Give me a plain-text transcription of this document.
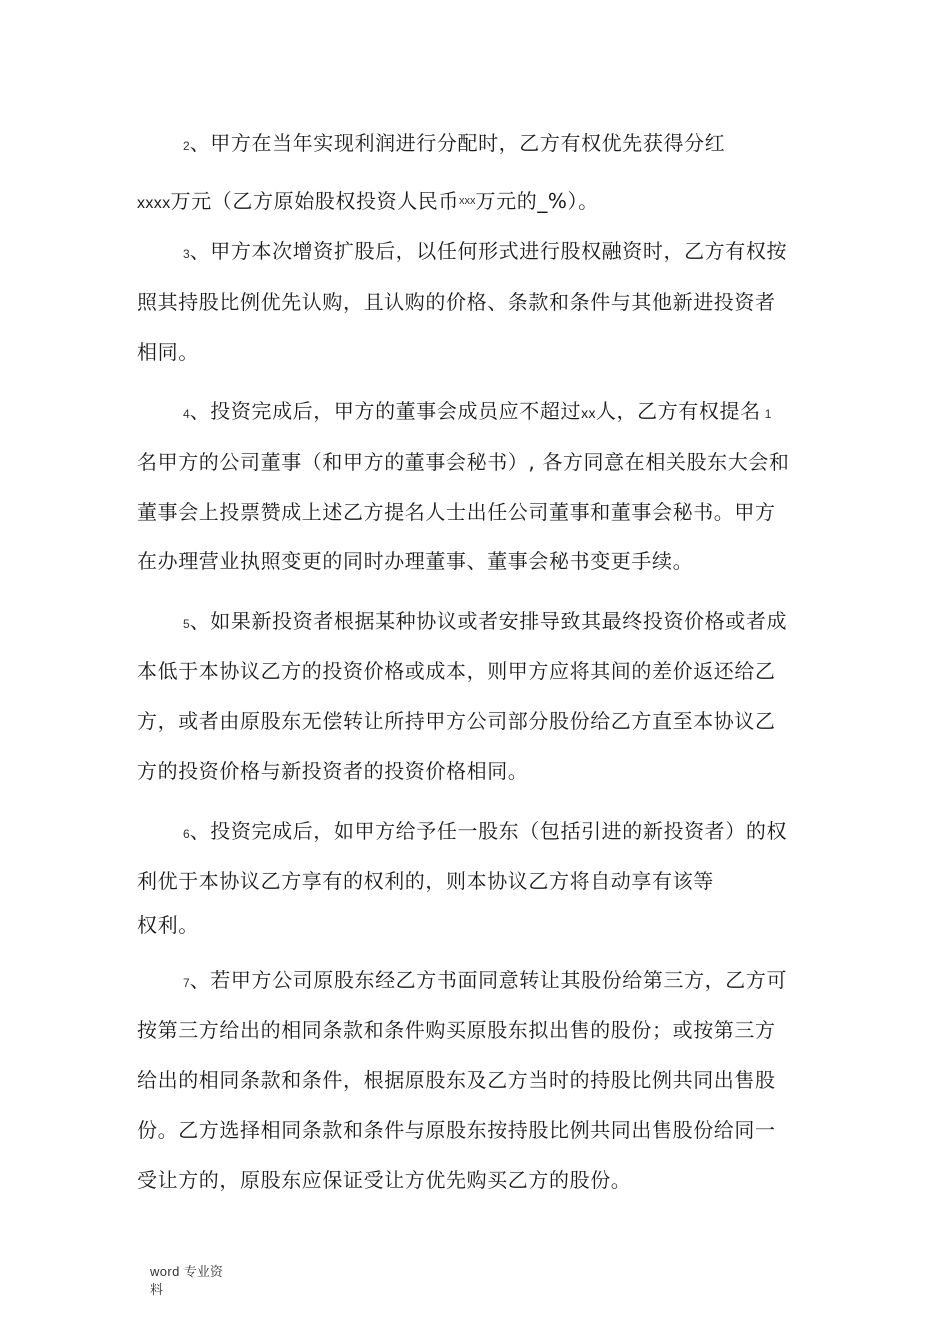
2、甲方在当年实现利润进行分配时，乙方有权优先获得分红
xxxx万元（乙方原始股权投资人民币$^{xxx}$万元的_%）。
3、甲方本次增资扩股后，以任何形式进行股权融资时，乙方有权按
照其持股比例优先认购，且认购的价格、条款和条件与其他新进投资者
相同。
4、投资完成后，甲方的董事会成员应不超过xx人，乙方有权提名 1
名甲方的公司董事（和甲方的董事会秘书）, 各方同意在相关股东大会和
董事会上投票赞成上述乙方提名人士出任公司董事和董事会秘书。甲方
在办理营业执照变更的同时办理董事、董事会秘书变更手续。
5、如果新投资者根据某种协议或者安排导致其最终投资价格或者成
本低于本协议乙方的投资价格或成本，则甲方应将其间的差价返还给乙
方，或者由原股东无偿转让所持甲方公司部分股份给乙方直至本协议乙
方的投资价格与新投资者的投资价格相同。
6、投资完成后，如甲方给予任一股东（包括引进的新投资者）的权
利优于本协议乙方享有的权利的，则本协议乙方将自动享有该等
权利。
7、若甲方公司原股东经乙方书面同意转让其股份给第三方，乙方可
按第三方给出的相同条款和条件购买原股东拟出售的股份；或按第三方
给出的相同条款和条件，根据原股东及乙方当时的持股比例共同出售股
份。乙方选择相同条款和条件与原股东按持股比例共同出售股份给同一
受让方的，原股东应保证受让方优先购买乙方的股份。
word 专业资
料
